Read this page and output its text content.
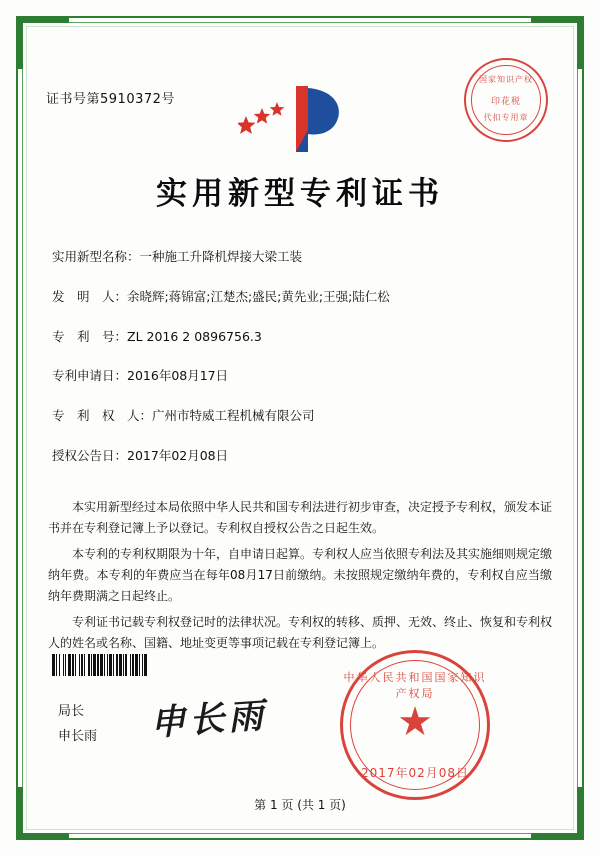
证书号第5910372号
国家知识产权
印花税
代扣专用章
实用新型专利证书
实用新型名称： 一种施工升降机焊接大梁工装
发　明　人： 余晓辉;蒋锦富;江楚杰;盛民;黄先业;王强;陆仁松
专　利　号： ZL 2016 2 0896756.3
专利申请日： 2016年08月17日
专　利　权　人： 广州市特威工程机械有限公司
授权公告日： 2017年02月08日

本实用新型经过本局依照中华人民共和国专利法进行初步审查，决定授予专利权，颁发本证书并在专利登记簿上予以登记。专利权自授权公告之日起生效。

本专利的专利权期限为十年，自申请日起算。专利权人应当依照专利法及其实施细则规定缴纳年费。本专利的年费应当在每年08月17日前缴纳。未按照规定缴纳年费的，专利权自应当缴纳年费期满之日起终止。

专利证书记载专利权登记时的法律状况。专利权的转移、质押、无效、终止、恢复和专利权人的姓名或名称、国籍、地址变更等事项记载在专利登记簿上。

局长
申长雨 申长雨
中华人民共和国国家知识产权局
★
2017年02月08日
第 1 页 (共 1 页)
